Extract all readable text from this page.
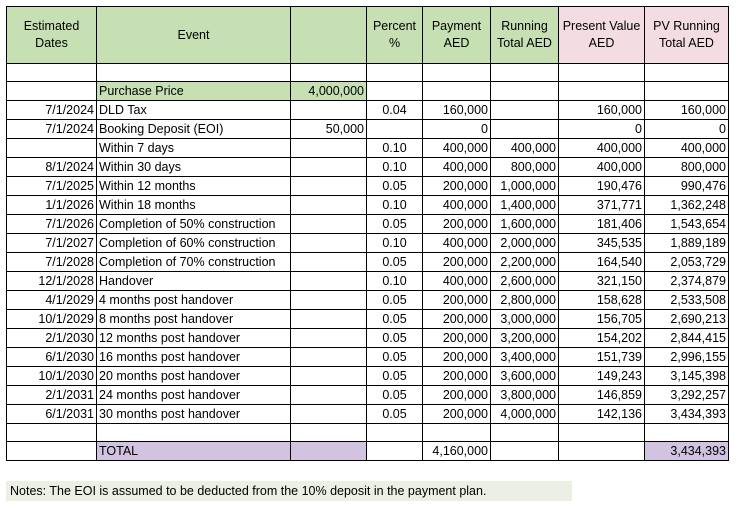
Estimated Dates	Event		Percent %	Payment AED	Running Total AED	Present Value AED	PV Running Total AED

	Purchase Price	4,000,000					
7/1/2024	DLD Tax		0.04	160,000		160,000	160,000
7/1/2024	Booking Deposit (EOI)	50,000		0		0	0
	Within 7 days		0.10	400,000	400,000	400,000	400,000
8/1/2024	Within 30 days		0.10	400,000	800,000	400,000	800,000
7/1/2025	Within 12 months		0.05	200,000	1,000,000	190,476	990,476
1/1/2026	Within 18 months		0.10	400,000	1,400,000	371,771	1,362,248
7/1/2026	Completion of 50% construction		0.05	200,000	1,600,000	181,406	1,543,654
7/1/2027	Completion of 60% construction		0.10	400,000	2,000,000	345,535	1,889,189
7/1/2028	Completion of 70% construction		0.05	200,000	2,200,000	164,540	2,053,729
12/1/2028	Handover		0.10	400,000	2,600,000	321,150	2,374,879
4/1/2029	4 months post handover		0.05	200,000	2,800,000	158,628	2,533,508
10/1/2029	8 months post handover		0.05	200,000	3,000,000	156,705	2,690,213
2/1/2030	12 months post handover		0.05	200,000	3,200,000	154,202	2,844,415
6/1/2030	16 months post handover		0.05	200,000	3,400,000	151,739	2,996,155
10/1/2030	20 months post handover		0.05	200,000	3,600,000	149,243	3,145,398
2/1/2031	24 months post handover		0.05	200,000	3,800,000	146,859	3,292,257
6/1/2031	30 months post handover		0.05	200,000	4,000,000	142,136	3,434,393

	TOTAL			4,160,000			3,434,393
Notes: The EOI is assumed to be deducted from the 10% deposit in the payment plan.
